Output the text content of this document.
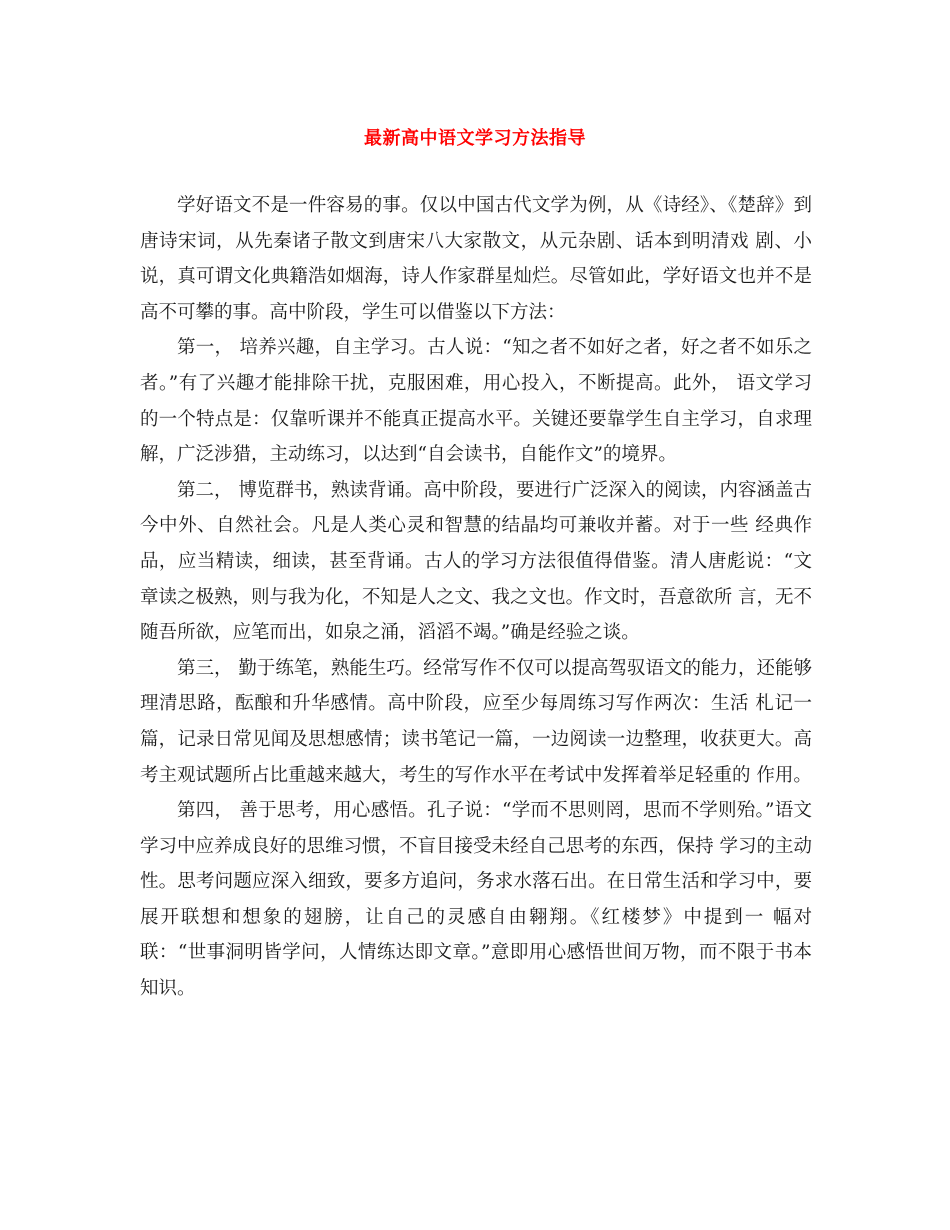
最新高中语文学习方法指导

学好语文不是一件容易的事。仅以中国古代文学为例，从《诗经》、《楚辞》到唐诗宋词，从先秦诸子散文到唐宋八大家散文，从元杂剧、话本到明清戏 剧、小说，真可谓文化典籍浩如烟海，诗人作家群星灿烂。尽管如此，学好语文也并不是高不可攀的事。高中阶段，学生可以借鉴以下方法：

第一， 培养兴趣，自主学习。古人说：“知之者不如好之者，好之者不如乐之者。”有了兴趣才能排除干扰，克服困难，用心投入，不断提高。此外， 语文学习的一个特点是：仅靠听课并不能真正提高水平。关键还要靠学生自主学习，自求理解，广泛涉猎，主动练习，以达到“自会读书，自能作文”的境界。

第二， 博览群书，熟读背诵。高中阶段，要进行广泛深入的阅读，内容涵盖古今中外、自然社会。凡是人类心灵和智慧的结晶均可兼收并蓄。对于一些 经典作品，应当精读，细读，甚至背诵。古人的学习方法很值得借鉴。清人唐彪说：“文章读之极熟，则与我为化，不知是人之文、我之文也。作文时，吾意欲所 言，无不随吾所欲，应笔而出，如泉之涌，滔滔不竭。”确是经验之谈。

第三， 勤于练笔，熟能生巧。经常写作不仅可以提高驾驭语文的能力，还能够理清思路，酝酿和升华感情。高中阶段，应至少每周练习写作两次：生活 札记一篇，记录日常见闻及思想感情；读书笔记一篇，一边阅读一边整理，收获更大。高考主观试题所占比重越来越大，考生的写作水平在考试中发挥着举足轻重的 作用。

第四， 善于思考，用心感悟。孔子说：“学而不思则罔，思而不学则殆。”语文学习中应养成良好的思维习惯，不盲目接受未经自己思考的东西，保持 学习的主动性。思考问题应深入细致，要多方追问，务求水落石出。在日常生活和学习中，要展开联想和想象的翅膀，让自己的灵感自由翱翔。《红楼梦》中提到一 幅对联：“世事洞明皆学问，人情练达即文章。”意即用心感悟世间万物，而不限于书本知识。
